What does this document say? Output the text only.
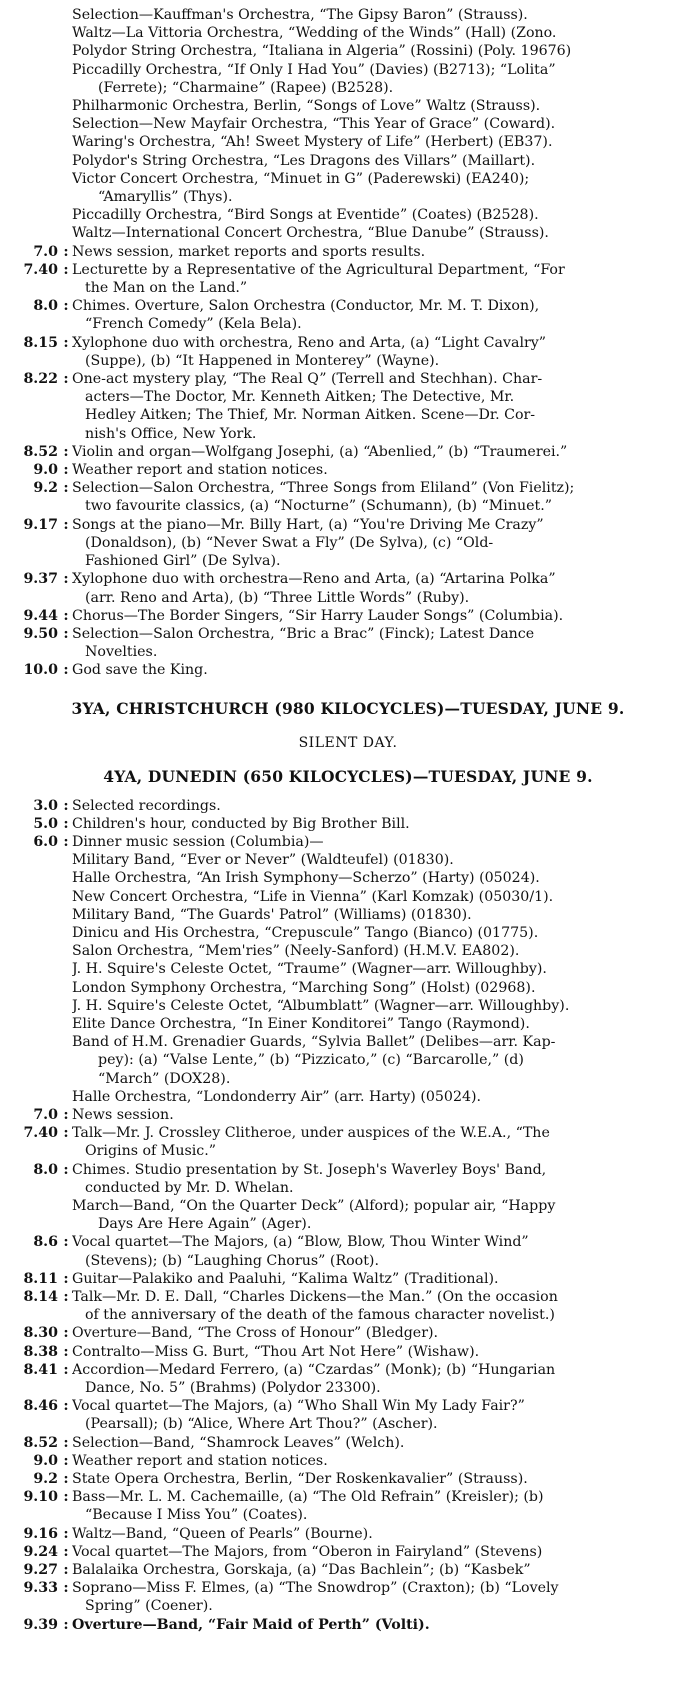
Selection—Kauffman's Orchestra, “The Gipsy Baron” (Strauss).
Waltz—La Vittoria Orchestra, “Wedding of the Winds” (Hall) (Zono.
Polydor String Orchestra, “Italiana in Algeria” (Rossini) (Poly. 19676)
Piccadilly Orchestra, “If Only I Had You” (Davies) (B2713); “Lolita”
(Ferrete); “Charmaine” (Rapee) (B2528).
Philharmonic Orchestra, Berlin, “Songs of Love” Waltz (Strauss).
Selection—New Mayfair Orchestra, “This Year of Grace” (Coward).
Waring's Orchestra, “Ah! Sweet Mystery of Life” (Herbert) (EB37).
Polydor's String Orchestra, “Les Dragons des Villars” (Maillart).
Victor Concert Orchestra, “Minuet in G” (Paderewski) (EA240);
“Amaryllis” (Thys).
Piccadilly Orchestra, “Bird Songs at Eventide” (Coates) (B2528).
Waltz—International Concert Orchestra, “Blue Danube” (Strauss).
7.0 : News session, market reports and sports results.
7.40 : Lecturette by a Representative of the Agricultural Department, “For
the Man on the Land.”
8.0 : Chimes. Overture, Salon Orchestra (Conductor, Mr. M. T. Dixon),
“French Comedy” (Kela Bela).
8.15 : Xylophone duo with orchestra, Reno and Arta, (a) “Light Cavalry”
(Suppe), (b) “It Happened in Monterey” (Wayne).
8.22 : One-act mystery play, “The Real Q” (Terrell and Stechhan). Char-
acters—The Doctor, Mr. Kenneth Aitken; The Detective, Mr.
Hedley Aitken; The Thief, Mr. Norman Aitken. Scene—Dr. Cor-
nish's Office, New York.
8.52 : Violin and organ—Wolfgang Josephi, (a) “Abenlied,” (b) “Traumerei.”
9.0 : Weather report and station notices.
9.2 : Selection—Salon Orchestra, “Three Songs from Eliland” (Von Fielitz);
two favourite classics, (a) “Nocturne” (Schumann), (b) “Minuet.”
9.17 : Songs at the piano—Mr. Billy Hart, (a) “You're Driving Me Crazy”
(Donaldson), (b) “Never Swat a Fly” (De Sylva), (c) “Old-
Fashioned Girl” (De Sylva).
9.37 : Xylophone duo with orchestra—Reno and Arta, (a) “Artarina Polka”
(arr. Reno and Arta), (b) “Three Little Words” (Ruby).
9.44 : Chorus—The Border Singers, “Sir Harry Lauder Songs” (Columbia).
9.50 : Selection—Salon Orchestra, “Bric a Brac” (Finck); Latest Dance
Novelties.
10.0 : God save the King.
3YA, CHRISTCHURCH (980 KILOCYCLES)—TUESDAY, JUNE 9.
SILENT DAY.
4YA, DUNEDIN (650 KILOCYCLES)—TUESDAY, JUNE 9.
3.0 : Selected recordings.
5.0 : Children's hour, conducted by Big Brother Bill.
6.0 : Dinner music session (Columbia)—
Military Band, “Ever or Never” (Waldteufel) (01830).
Halle Orchestra, “An Irish Symphony—Scherzo” (Harty) (05024).
New Concert Orchestra, “Life in Vienna” (Karl Komzak) (05030/1).
Military Band, “The Guards' Patrol” (Williams) (01830).
Dinicu and His Orchestra, “Crepuscule” Tango (Bianco) (01775).
Salon Orchestra, “Mem'ries” (Neely-Sanford) (H.M.V. EA802).
J. H. Squire's Celeste Octet, “Traume” (Wagner—arr. Willoughby).
London Symphony Orchestra, “Marching Song” (Holst) (02968).
J. H. Squire's Celeste Octet, “Albumblatt” (Wagner—arr. Willoughby).
Elite Dance Orchestra, “In Einer Konditorei” Tango (Raymond).
Band of H.M. Grenadier Guards, “Sylvia Ballet” (Delibes—arr. Kap-
pey): (a) “Valse Lente,” (b) “Pizzicato,” (c) “Barcarolle,” (d)
“March” (DOX28).
Halle Orchestra, “Londonderry Air” (arr. Harty) (05024).
7.0 : News session.
7.40 : Talk—Mr. J. Crossley Clitheroe, under auspices of the W.E.A., “The
Origins of Music.”
8.0 : Chimes. Studio presentation by St. Joseph's Waverley Boys' Band,
conducted by Mr. D. Whelan.
March—Band, “On the Quarter Deck” (Alford); popular air, “Happy
Days Are Here Again” (Ager).
8.6 : Vocal quartet—The Majors, (a) “Blow, Blow, Thou Winter Wind”
(Stevens); (b) “Laughing Chorus” (Root).
8.11 : Guitar—Palakiko and Paaluhi, “Kalima Waltz” (Traditional).
8.14 : Talk—Mr. D. E. Dall, “Charles Dickens—the Man.” (On the occasion
of the anniversary of the death of the famous character novelist.)
8.30 : Overture—Band, “The Cross of Honour” (Bledger).
8.38 : Contralto—Miss G. Burt, “Thou Art Not Here” (Wishaw).
8.41 : Accordion—Medard Ferrero, (a) “Czardas” (Monk); (b) “Hungarian
Dance, No. 5” (Brahms) (Polydor 23300).
8.46 : Vocal quartet—The Majors, (a) “Who Shall Win My Lady Fair?”
(Pearsall); (b) “Alice, Where Art Thou?” (Ascher).
8.52 : Selection—Band, “Shamrock Leaves” (Welch).
9.0 : Weather report and station notices.
9.2 : State Opera Orchestra, Berlin, “Der Roskenkavalier” (Strauss).
9.10 : Bass—Mr. L. M. Cachemaille, (a) “The Old Refrain” (Kreisler); (b)
“Because I Miss You” (Coates).
9.16 : Waltz—Band, “Queen of Pearls” (Bourne).
9.24 : Vocal quartet—The Majors, from “Oberon in Fairyland” (Stevens)
9.27 : Balalaika Orchestra, Gorskaja, (a) “Das Bachlein”; (b) “Kasbek”
9.33 : Soprano—Miss F. Elmes, (a) “The Snowdrop” (Craxton); (b) “Lovely
Spring” (Coener).
9.39 : Overture—Band, “Fair Maid of Perth” (Volti).
